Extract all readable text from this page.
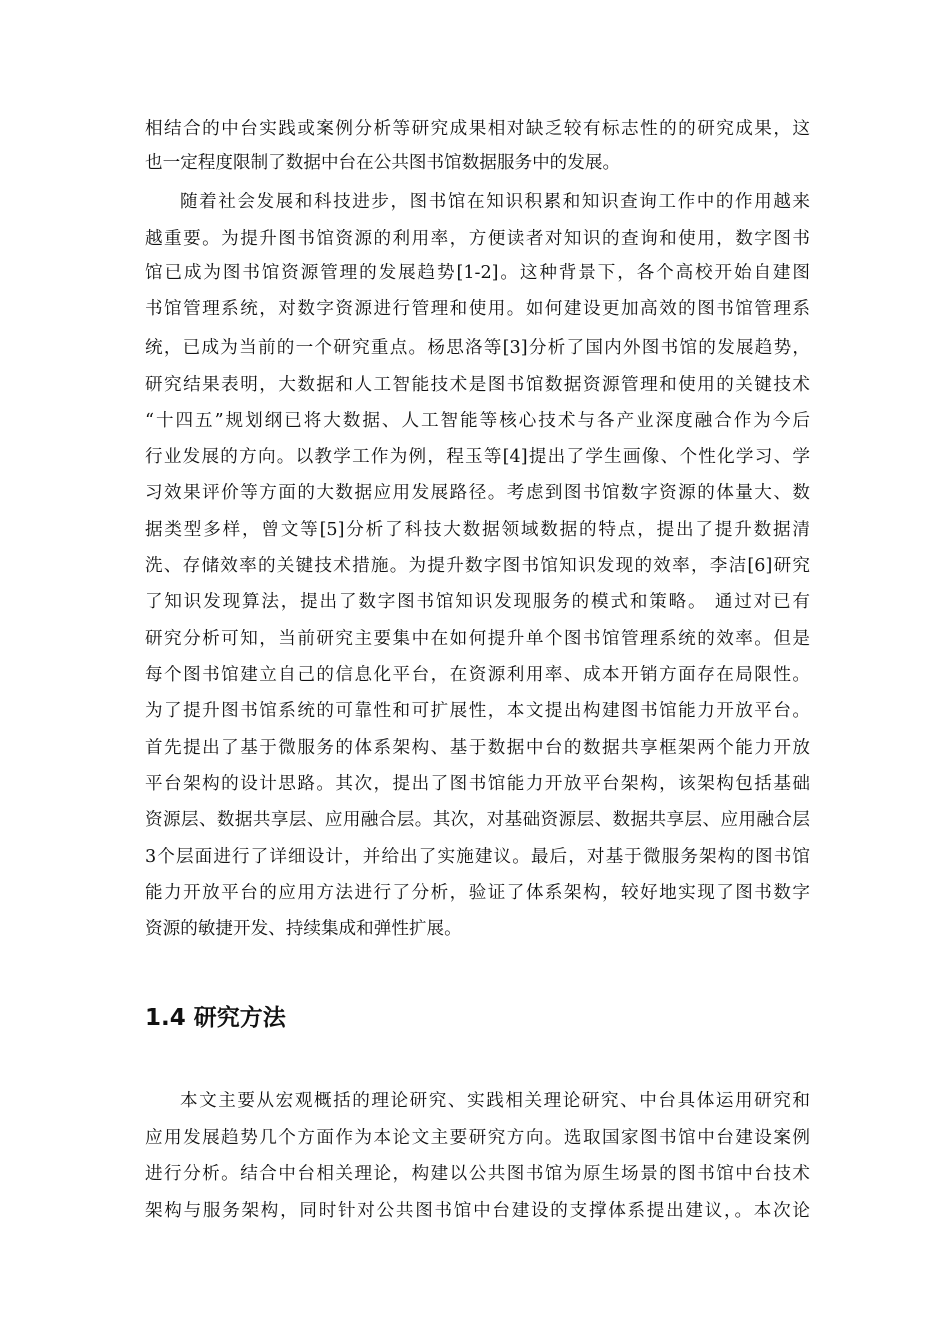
相结合的中台实践或案例分析等研究成果相对缺乏较有标志性的的研究成果，这
也一定程度限制了数据中台在公共图书馆数据服务中的发展。
随着社会发展和科技进步，图书馆在知识积累和知识查询工作中的作用越来
越重要。为提升图书馆资源的利用率，方便读者对知识的查询和使用，数字图书
馆已成为图书馆资源管理的发展趋势[1-2]。这种背景下，各个高校开始自建图
书馆管理系统，对数字资源进行管理和使用。如何建设更加高效的图书馆管理系
统，已成为当前的一个研究重点。杨思洛等[3]分析了国内外图书馆的发展趋势，
研究结果表明，大数据和人工智能技术是图书馆数据资源管理和使用的关键技术
“十四五”规划纲已将大数据、人工智能等核心技术与各产业深度融合作为今后
行业发展的方向。以教学工作为例，程玉等[4]提出了学生画像、个性化学习、学
习效果评价等方面的大数据应用发展路径。考虑到图书馆数字资源的体量大、数
据类型多样，曾文等[5]分析了科技大数据领域数据的特点，提出了提升数据清
洗、存储效率的关键技术措施。为提升数字图书馆知识发现的效率，李洁[6]研究
了知识发现算法，提出了数字图书馆知识发现服务的模式和策略。 通过对已有
研究分析可知，当前研究主要集中在如何提升单个图书馆管理系统的效率。但是
每个图书馆建立自己的信息化平台，在资源利用率、成本开销方面存在局限性。
为了提升图书馆系统的可靠性和可扩展性，本文提出构建图书馆能力开放平台。
首先提出了基于微服务的体系架构、基于数据中台的数据共享框架两个能力开放
平台架构的设计思路。其次，提出了图书馆能力开放平台架构，该架构包括基础
资源层、数据共享层、应用融合层。其次，对基础资源层、数据共享层、应用融合层
3个层面进行了详细设计，并给出了实施建议。最后，对基于微服务架构的图书馆
能力开放平台的应用方法进行了分析，验证了体系架构，较好地实现了图书数字
资源的敏捷开发、持续集成和弹性扩展。
1.4 研究方法
本文主要从宏观概括的理论研究、实践相关理论研究、中台具体运用研究和
应用发展趋势几个方面作为本论文主要研究方向。选取国家图书馆中台建设案例
进行分析。结合中台相关理论，构建以公共图书馆为原生场景的图书馆中台技术
架构与服务架构，同时针对公共图书馆中台建设的支撑体系提出建议，。本次论
